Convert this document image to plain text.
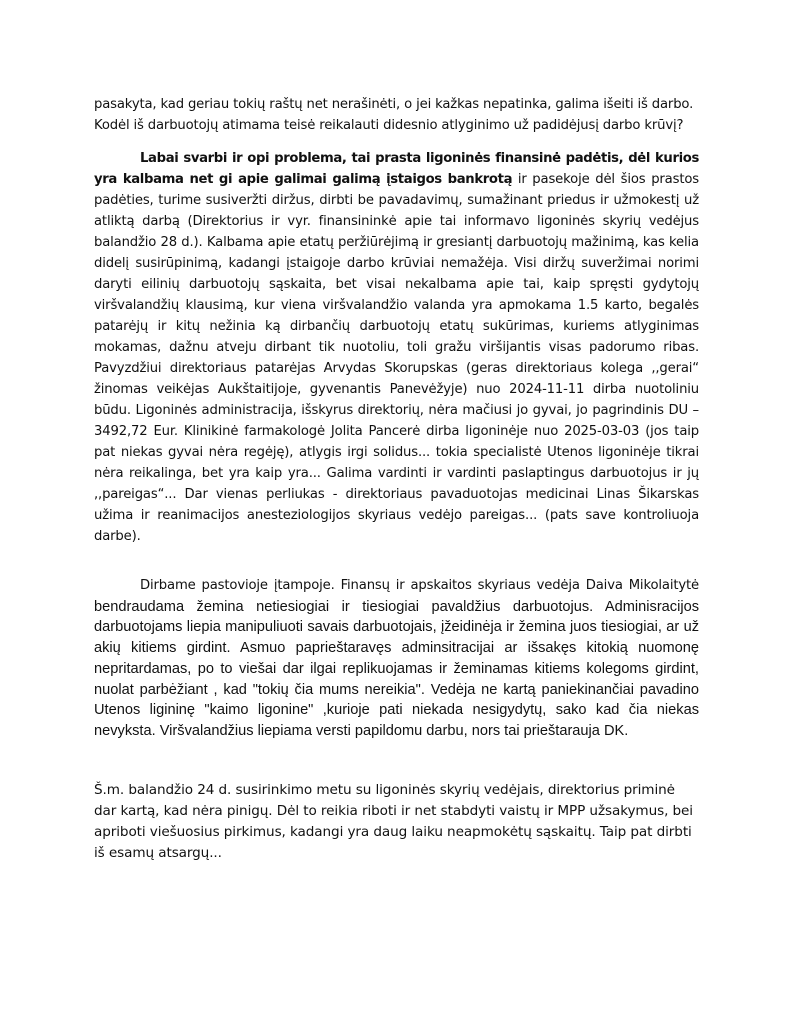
pasakyta, kad geriau tokių raštų net nerašinėti, o jei kažkas nepatinka, galima išeiti iš darbo. Kodėl iš darbuotojų atimama teisė reikalauti didesnio atlyginimo už padidėjusį darbo krūvį?

Labai svarbi ir opi problema, tai prasta ligoninės finansinė padėtis, dėl kurios yra kalbama net gi apie galimai galimą įstaigos bankrotą ir pasekoje dėl šios prastos padėties, turime susiveržti diržus, dirbti be pavadavimų, sumažinant priedus ir užmokestį už atliktą darbą (Direktorius ir vyr. finansininkė apie tai informavo ligoninės skyrių vedėjus balandžio 28 d.). Kalbama apie etatų peržiūrėjimą ir gresiantį darbuotojų mažinimą, kas kelia didelį susirūpinimą, kadangi įstaigoje darbo krūviai nemažėja. Visi diržų suveržimai norimi daryti eilinių darbuotojų sąskaita, bet visai nekalbama apie tai, kaip spręsti gydytojų viršvalandžių klausimą, kur viena viršvalandžio valanda yra apmokama 1.5 karto, begalės patarėjų ir kitų nežinia ką dirbančių darbuotojų etatų sukūrimas, kuriems atlyginimas mokamas, dažnu atveju dirbant tik nuotoliu, toli gražu viršijantis visas padorumo ribas. Pavyzdžiui direktoriaus patarėjas Arvydas Skorupskas (geras direktoriaus kolega ,,gerai“ žinomas veikėjas Aukštaitijoje, gyvenantis Panevėžyje) nuo 2024-11-11 dirba nuotoliniu būdu. Ligoninės administracija, išskyrus direktorių, nėra mačiusi jo gyvai, jo pagrindinis DU – 3492,72 Eur. Klinikinė farmakologė Jolita Pancerė dirba ligoninėje nuo 2025-03-03 (jos taip pat niekas gyvai nėra regėję), atlygis irgi solidus... tokia specialistė Utenos ligoninėje tikrai nėra reikalinga, bet yra kaip yra... Galima vardinti ir vardinti paslaptingus darbuotojus ir jų ,,pareigas“... Dar vienas perliukas - direktoriaus pavaduotojas medicinai Linas Šikarskas užima ir reanimacijos anesteziologijos skyriaus vedėjo pareigas... (pats save kontroliuoja darbe).

Dirbame pastovioje įtampoje. Finansų ir apskaitos skyriaus vedėja Daiva Mikolaitytė bendraudama žemina netiesiogiai ir tiesiogiai pavaldžius darbuotojus. Adminisracijos darbuotojams liepia manipuliuoti savais darbuotojais, įžeidinėja ir žemina juos tiesiogiai, ar už akių kitiems girdint. Asmuo paprieštaravęs adminsitracijai ar išsakęs kitokią nuomonę nepritardamas, po to viešai dar ilgai replikuojamas ir žeminamas kitiems kolegoms girdint, nuolat parbėžiant , kad "tokių čia mums nereikia". Vedėja ne kartą paniekinančiai pavadino Utenos ligininę "kaimo ligonine" ,kurioje pati niekada nesigydytų, sako kad čia niekas nevyksta. Viršvalandžius liepiama versti papildomu darbu, nors tai prieštarauja DK.

Š.m. balandžio 24 d. susirinkimo metu su ligoninės skyrių vedėjais, direktorius priminė dar kartą, kad nėra pinigų. Dėl to reikia riboti ir net stabdyti vaistų ir MPP užsakymus, bei apriboti viešuosius pirkimus, kadangi yra daug laiku neapmokėtų sąskaitų. Taip pat dirbti iš esamų atsargų...
